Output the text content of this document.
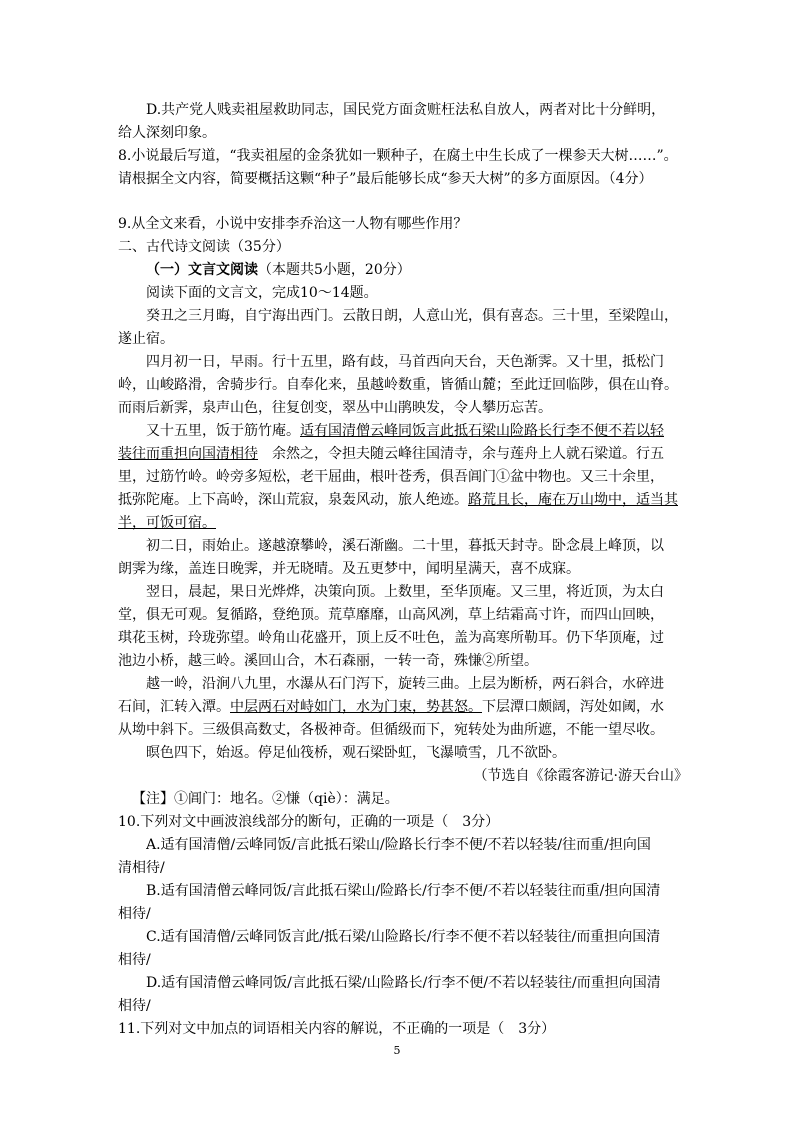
D.共产党人贱卖祖屋救助同志，国民党方面贪赃枉法私自放人，两者对比十分鲜明，
给人深刻印象。
8.小说最后写道，“我卖祖屋的金条犹如一颗种子，在腐土中生长成了一棵参天大树……”。
请根据全文内容，简要概括这颗“种子”最后能够长成“参天大树”的多方面原因。（4分）
9.从全文来看，小说中安排李乔治这一人物有哪些作用？
二、古代诗文阅读（35分）
（一）文言文阅读（本题共5小题，20分）
阅读下面的文言文，完成10～14题。
癸丑之三月晦，自宁海出西门。云散日朗，人意山光，俱有喜态。三十里，至梁隍山，
遂止宿。
四月初一日，早雨。行十五里，路有歧，马首西向天台，天色渐霁。又十里，抵松门
岭，山峻路滑，舍骑步行。自奉化来，虽越岭数重，皆循山麓；至此迂回临陟，俱在山脊。
而雨后新霁，泉声山色，往复创变，翠丛中山鹃映发，令人攀历忘苦。
又十五里，饭于筋竹庵。适有国清僧云峰同饭言此抵石梁山险路长行李不便不若以轻
装往而重担向国清相待　余然之，令担夫随云峰往国清寺，余与莲舟上人就石梁道。行五
里，过筋竹岭。岭旁多短松，老干屈曲，根叶苍秀，俱吾阊门①盆中物也。又三十余里，
抵弥陀庵。上下高岭，深山荒寂，泉轰风动，旅人绝迹。路荒且长，庵在万山坳中，适当其
半，可饭可宿。
初二日，雨始止。遂越潦攀岭，溪石渐幽。二十里，暮抵天封寺。卧念晨上峰顶，以
朗霁为缘，盖连日晚霁，并无晓晴。及五更梦中，闻明星满天，喜不成寐。
翌日，晨起，果日光烨烨，决策向顶。上数里，至华顶庵。又三里，将近顶，为太白
堂，俱无可观。复循路，登绝顶。荒草靡靡，山高风冽，草上结霜高寸许，而四山回映，
琪花玉树，玲珑弥望。岭角山花盛开，顶上反不吐色，盖为高寒所勒耳。仍下华顶庵，过
池边小桥，越三岭。溪回山合，木石森丽，一转一奇，殊慊②所望。
越一岭，沿涧八九里，水瀑从石门泻下，旋转三曲。上层为断桥，两石斜合，水碎进
石间，汇转入潭。中层两石对峙如门，水为门束，势甚怒。下层潭口颇阔，泻处如阈，水
从坳中斜下。三级俱高数丈，各极神奇。但循级而下，宛转处为曲所遮，不能一望尽收。
暝色四下，始返。停足仙筏桥，观石梁卧虹，飞瀑喷雪，几不欲卧。
（节选自《徐霞客游记·游天台山》
【注】①阊门：地名。②慊（qiè）：满足。
10.下列对文中画波浪线部分的断句，正确的一项是（　3分）
A.适有国清僧/云峰同饭/言此抵石梁山/险路长行李不便/不若以轻装/往而重/担向国
清相待/
B.适有国清僧云峰同饭/言此抵石梁山/险路长/行李不便/不若以轻装往而重/担向国清
相待/
C.适有国清僧/云峰同饭言此/抵石梁/山险路长/行李不便不若以轻装往/而重担向国清
相待/
D.适有国清僧云峰同饭/言此抵石梁/山险路长/行李不便/不若以轻装往/而重担向国清
相待/
11.下列对文中加点的词语相关内容的解说，不正确的一项是（　3分）
5
